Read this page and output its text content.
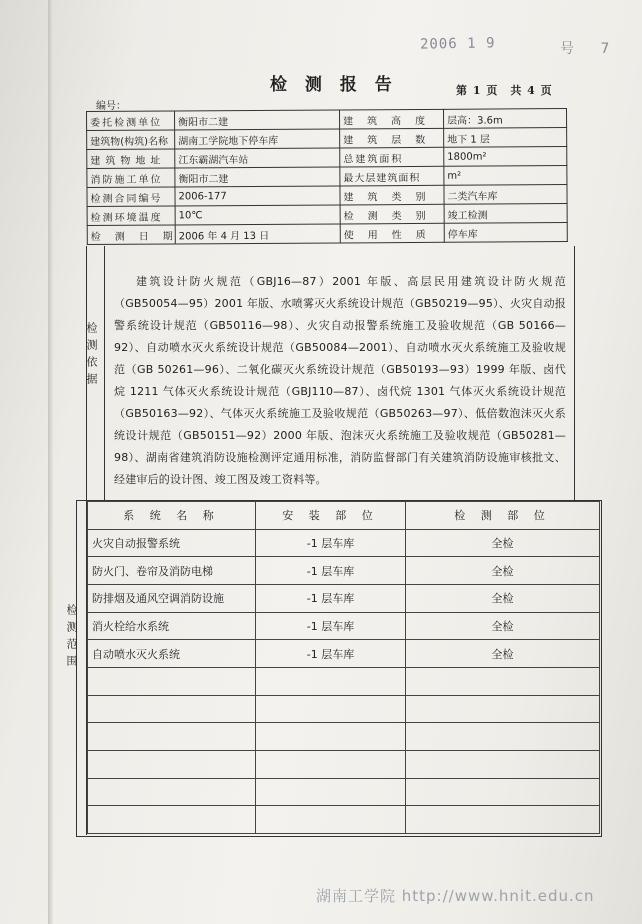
2006 1 9	号 7
检 测 报 告	第 1 页　共 4 页
编号：
委托检测单位	衡阳市二建	建　筑　高　度	层高：3.6m
建筑物(构筑)名称	湖南工学院地下停车库	建　筑　层　数	地下 1 层
建筑物地址	江东霸湖汽车站	总建筑面积	1800m²
消防施工单位	衡阳市二建	最大层建筑面积	m²
检测合同编号	2006-177	建　筑　类　别	二类汽车库
检测环境温度	10℃	检　测　类　别	竣工检测
检　测　日　期	2006 年 4 月 13 日	使　用　性　质	停车库
检测依据
建筑设计防火规范（GBJ16—87）2001 年版、高层民用建筑设计防火规范（GB50054—95）2001 年版、水喷雾灭火系统设计规范（GB50219—95）、火灾自动报警系统设计规范（GB50116—98）、火灾自动报警系统施工及验收规范（GB 50166—92）、自动喷水灭火系统设计规范（GB50084—2001）、自动喷水灭火系统施工及验收规范（GB 50261—96）、二氧化碳灭火系统设计规范（GB50193—93）1999 年版、卤代烷 1211 气体灭火系统设计规范（GBJ110—87）、卤代烷 1301 气体灭火系统设计规范（GB50163—92）、气体灭火系统施工及验收规范（GB50263—97）、低倍数泡沫灭火系统设计规范（GB50151—92）2000 年版、泡沫灭火系统施工及验收规范（GB50281—98）、湖南省建筑消防设施检测评定通用标准，消防监督部门有关建筑消防设施审核批文、经建审后的设计图、竣工图及竣工资料等。
检测范围
系 统 名 称	安 装 部 位	检 测 部 位
火灾自动报警系统	-1 层车库	全检
防火门、卷帘及消防电梯	-1 层车库	全检
防排烟及通风空调消防设施	-1 层车库	全检
消火栓给水系统	-1 层车库	全检
自动喷水灭火系统	-1 层车库	全检

湖南工学院 http://www.hnit.edu.cn
